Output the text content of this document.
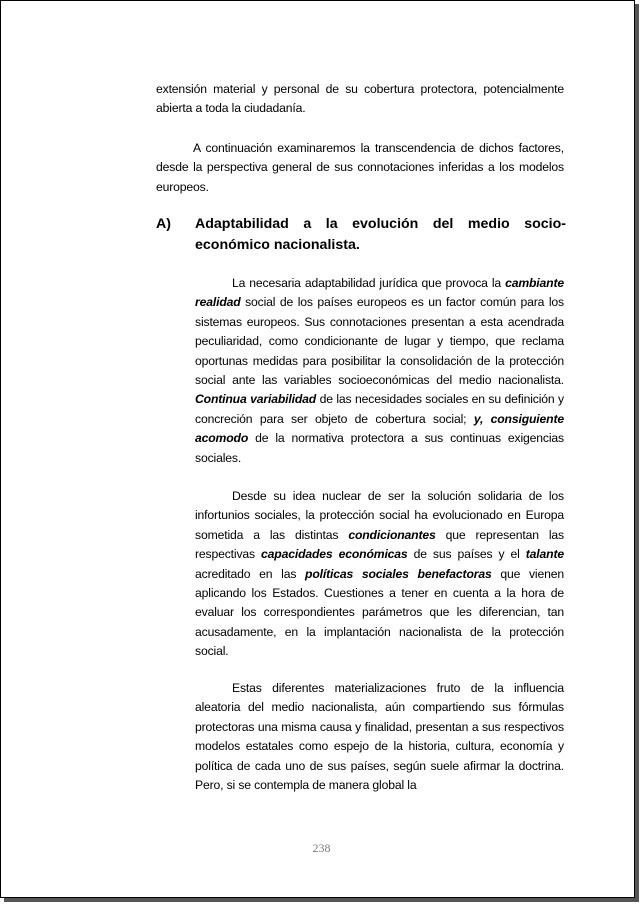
extensión material y personal de su cobertura protectora, potencialmente abierta a toda la ciudadanía.
A continuación examinaremos la transcendencia de dichos factores, desde la perspectiva general de sus connotaciones inferidas a los modelos europeos.
A) Adaptabilidad a la evolución del medio socio-económico nacionalista.
La necesaria adaptabilidad jurídica que provoca la cambiante realidad social de los países europeos es un factor común para los sistemas europeos. Sus connotaciones presentan a esta acendrada peculiaridad, como condicionante de lugar y tiempo, que reclama oportunas medidas para posibilitar la consolidación de la protección social ante las variables socioeconómicas del medio nacionalista. Continua variabilidad de las necesidades sociales en su definición y concreción para ser objeto de cobertura social; y, consiguiente acomodo de la normativa protectora a sus continuas exigencias sociales.
Desde su idea nuclear de ser la solución solidaria de los infortunios sociales, la protección social ha evolucionado en Europa sometida a las distintas condicionantes que representan las respectivas capacidades económicas de sus países y el talante acreditado en las políticas sociales benefactoras que vienen aplicando los Estados. Cuestiones a tener en cuenta a la hora de evaluar los correspondientes parámetros que les diferencian, tan acusadamente, en la implantación nacionalista de la protección social.
Estas diferentes materializaciones fruto de la influencia aleatoria del medio nacionalista, aún compartiendo sus fórmulas protectoras una misma causa y finalidad, presentan a sus respectivos modelos estatales como espejo de la historia, cultura, economía y política de cada uno de sus países, según suele afirmar la doctrina. Pero, si se contempla de manera global la
238
